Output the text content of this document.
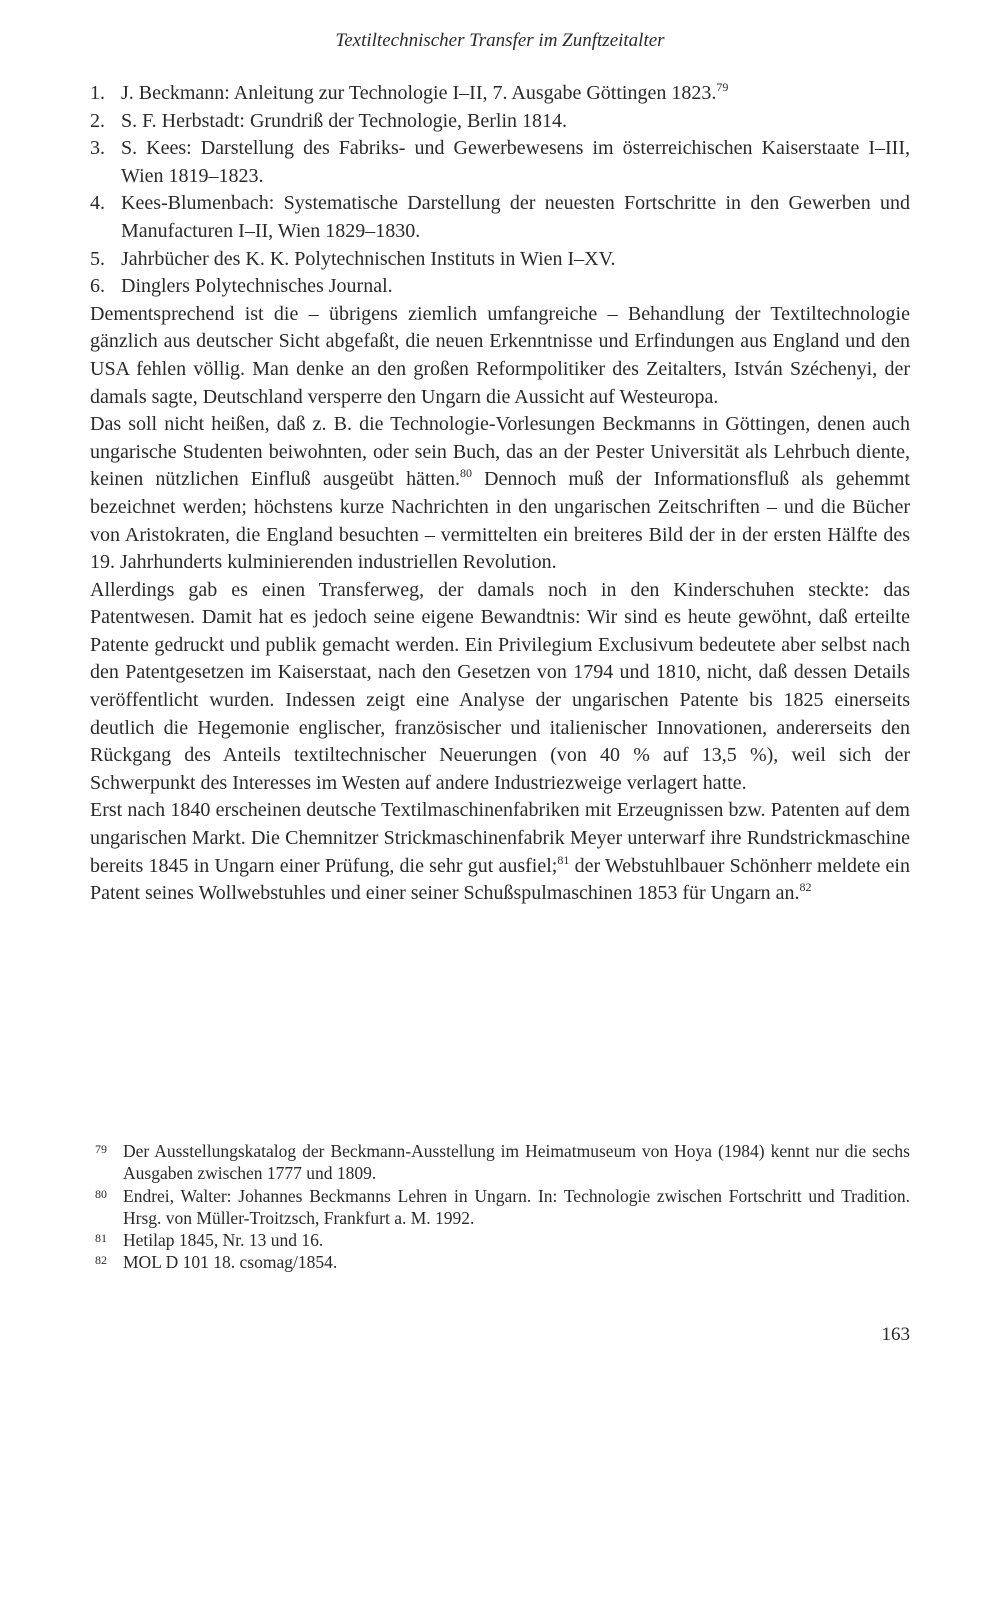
Textiltechnischer Transfer im Zunftzeitalter
1. J. Beckmann: Anleitung zur Technologie I–II, 7. Ausgabe Göttingen 1823.79
2. S. F. Herbstadt: Grundriß der Technologie, Berlin 1814.
3. S. Kees: Darstellung des Fabriks- und Gewerbewesens im österreichischen Kaiserstaate I–III, Wien 1819–1823.
4. Kees-Blumenbach: Systematische Darstellung der neuesten Fortschritte in den Gewerben und Manufacturen I–II, Wien 1829–1830.
5. Jahrbücher des K. K. Polytechnischen Instituts in Wien I–XV.
6. Dinglers Polytechnisches Journal.

Dementsprechend ist die – übrigens ziemlich umfangreiche – Behandlung der Textiltechnologie gänzlich aus deutscher Sicht abgefaßt, die neuen Erkenntnisse und Erfindungen aus England und den USA fehlen völlig. Man denke an den großen Reformpolitiker des Zeitalters, István Széchenyi, der damals sagte, Deutschland versperre den Ungarn die Aussicht auf Westeuropa.

Das soll nicht heißen, daß z. B. die Technologie-Vorlesungen Beckmanns in Göttingen, denen auch ungarische Studenten beiwohnten, oder sein Buch, das an der Pester Universität als Lehrbuch diente, keinen nützlichen Einfluß ausgeübt hätten.$^{80}$ Dennoch muß der Informationsfluß als gehemmt bezeichnet werden; höchstens kurze Nachrichten in den ungarischen Zeitschriften – und die Bücher von Aristokraten, die England besuchten – vermittelten ein breiteres Bild der in der ersten Hälfte des 19. Jahrhunderts kulminierenden industriellen Revolution.

Allerdings gab es einen Transferweg, der damals noch in den Kinderschuhen steckte: das Patentwesen. Damit hat es jedoch seine eigene Bewandtnis: Wir sind es heute gewöhnt, daß erteilte Patente gedruckt und publik gemacht werden. Ein Privilegium Exclusivum bedeutete aber selbst nach den Patentgesetzen im Kaiserstaat, nach den Gesetzen von 1794 und 1810, nicht, daß dessen Details veröffentlicht wurden. Indessen zeigt eine Analyse der ungarischen Patente bis 1825 einerseits deutlich die Hegemonie englischer, französischer und italienischer Innovationen, andererseits den Rückgang des Anteils textiltechnischer Neuerungen (von 40 % auf 13,5 %), weil sich der Schwerpunkt des Interesses im Westen auf andere Industriezweige verlagert hatte.

Erst nach 1840 erscheinen deutsche Textilmaschinenfabriken mit Erzeugnissen bzw. Patenten auf dem ungarischen Markt. Die Chemnitzer Strickmaschinenfabrik Meyer unterwarf ihre Rundstrickmaschine bereits 1845 in Ungarn einer Prüfung, die sehr gut ausfiel;$^{81}$ der Webstuhlbauer Schönherr meldete ein Patent seines Wollwebstuhles und einer seiner Schußspulmaschinen 1853 für Ungarn an.$^{82}$

79 Der Ausstellungskatalog der Beckmann-Ausstellung im Heimatmuseum von Hoya (1984) kennt nur die sechs Ausgaben zwischen 1777 und 1809.
80 Endrei, Walter: Johannes Beckmanns Lehren in Ungarn. In: Technologie zwischen Fortschritt und Tradition. Hrsg. von Müller-Troitzsch, Frankfurt a. M. 1992.
81 Hetilap 1845, Nr. 13 und 16.
82 MOL D 101 18. csomag/1854.
163
